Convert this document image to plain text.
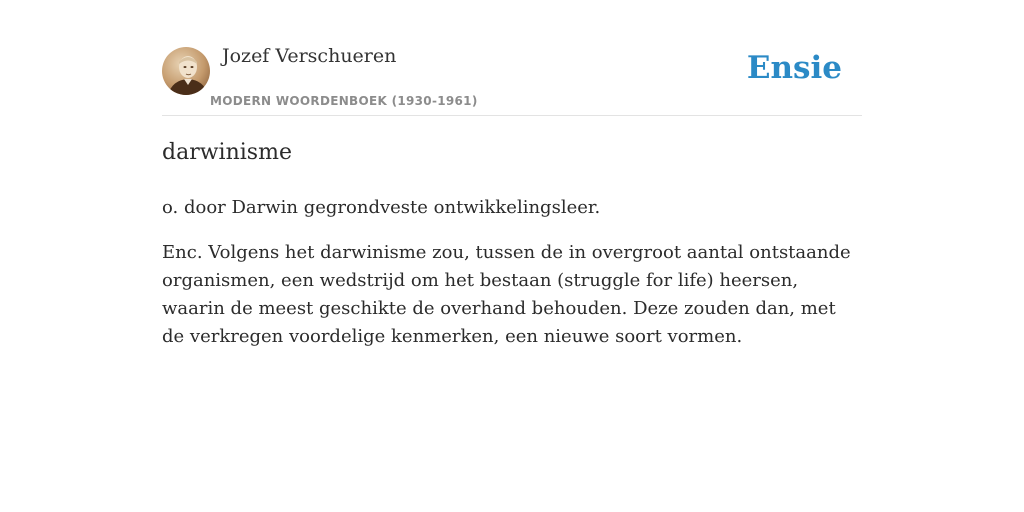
Jozef Verschueren
MODERN WOORDENBOEK (1930-1961)
Ensie
darwinisme

o. door Darwin gegrondveste ontwikkelingsleer.

Enc. Volgens het darwinisme zou, tussen de in overgroot aantal ontstaande organismen, een wedstrijd om het bestaan (struggle for life) heersen, waarin de meest geschikte de overhand behouden. Deze zouden dan, met de verkregen voordelige kenmerken, een nieuwe soort vormen.
